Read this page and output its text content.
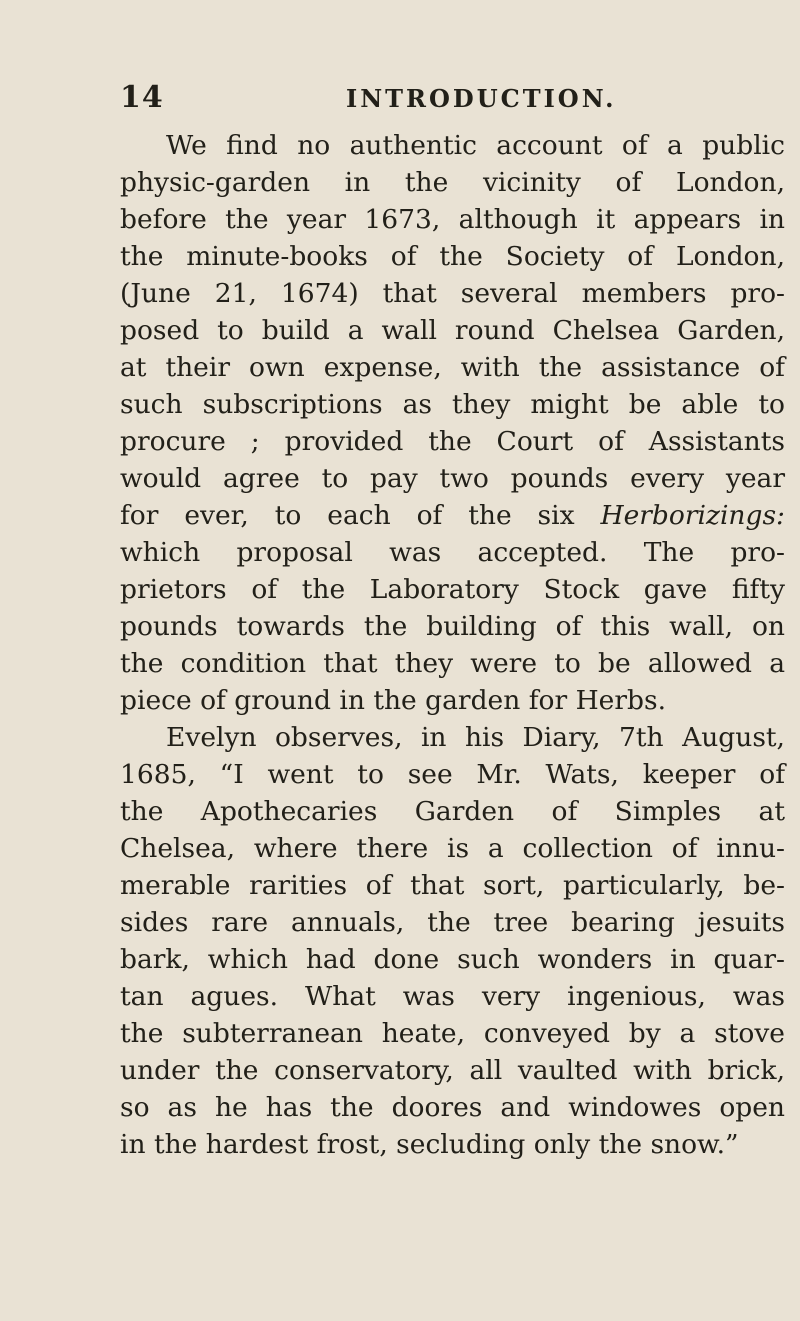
14	INTRODUCTION.
We find no authentic account of a public
physic-garden in the vicinity of London,
before the year 1673, although it appears in
the minute-books of the Society of London,
(June 21, 1674) that several members pro-
posed to build a wall round Chelsea Garden,
at their own expense, with the assistance of
such subscriptions as they might be able to
procure ; provided the Court of Assistants
would agree to pay two pounds every year
for ever, to each of the six Herborizings:
which proposal was accepted. The pro-
prietors of the Laboratory Stock gave fifty
pounds towards the building of this wall, on
the condition that they were to be allowed a
piece of ground in the garden for Herbs.
Evelyn observes, in his Diary, 7th August,
1685, “I went to see Mr. Wats, keeper of
the Apothecaries Garden of Simples at
Chelsea, where there is a collection of innu-
merable rarities of that sort, particularly, be-
sides rare annuals, the tree bearing jesuits
bark, which had done such wonders in quar-
tan agues. What was very ingenious, was
the subterranean heate, conveyed by a stove
under the conservatory, all vaulted with brick,
so as he has the doores and windowes open
in the hardest frost, secluding only the snow.”
